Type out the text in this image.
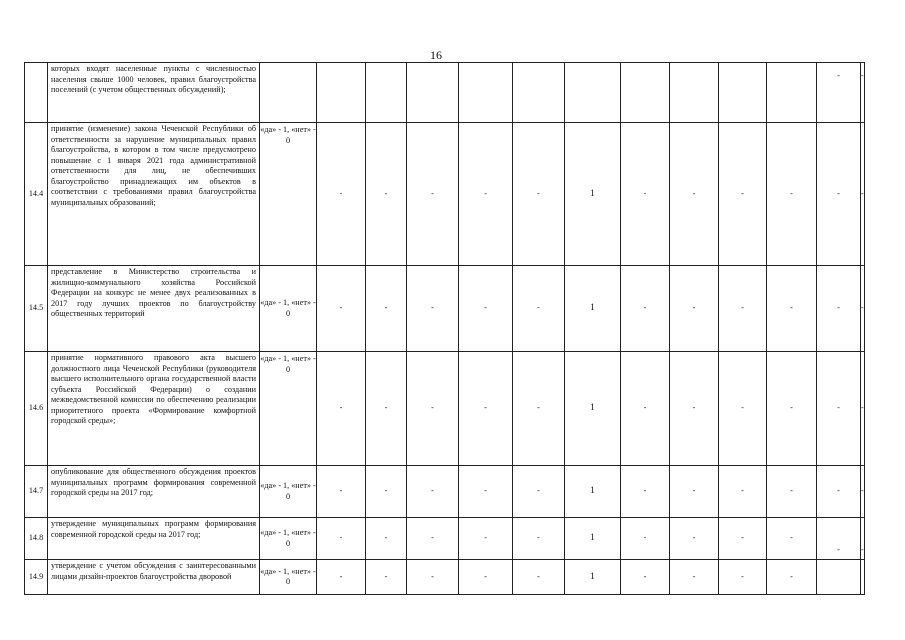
16
	которых входят населенные пункты с численностью населения свыше 1000 человек, правил благоустройства поселений (с учетом общественных обсуждений);												-	-
14.4	принятие (изменение) закона Чеченской Республики об ответственности за нарушение муниципальных правил благоустройства, в котором в том числе предусмотрено повышение с 1 января 2021 года административной ответственности для лиц, не обеспечивших благоустройство принадлежащих им объектов в соответствии с требованиями правил благоустройства муниципальных образований;	«да» - 1, «нет» - 0	-	-	-	-	-	1	-	-	-	-	-	-
14.5	представление в Министерство строительства и жилищно-коммунального хозяйства Российской Федерации на конкурс не менее двух реализованных в 2017 году лучших проектов по благоустройству общественных территорий	«да» - 1, «нет» - 0	-	-	-	-	-	1	-	-	-	-	-	-
14.6	принятие нормативного правового акта высшего должностного лица Чеченской Республики (руководителя высшего исполнительного органа государственной власти субъекта Российской Федерации) о создании межведомственной комиссии по обеспечению реализации приоритетного проекта «Формирование комфортной городской среды»;	«да» - 1, «нет» - 0	-	-	-	-	-	1	-	-	-	-	-	-
14.7	опубликование для общественного обсуждения проектов муниципальных программ формирования современной городской среды на 2017 год;	«да» - 1, «нет» - 0	-	-	-	-	-	1	-	-	-	-	-	-
14.8	утверждение муниципальных программ формирования современной городской среды на 2017 год;	«да» - 1, «нет» - 0	-	-	-	-	-	1	-	-	-	-	-	-
14.9	утверждение с учетом обсуждения с заинтересованными лицами дизайн-проектов благоустройства дворовой	«да» - 1, «нет» - 0	-	-	-	-	-	1	-	-	-	-		
